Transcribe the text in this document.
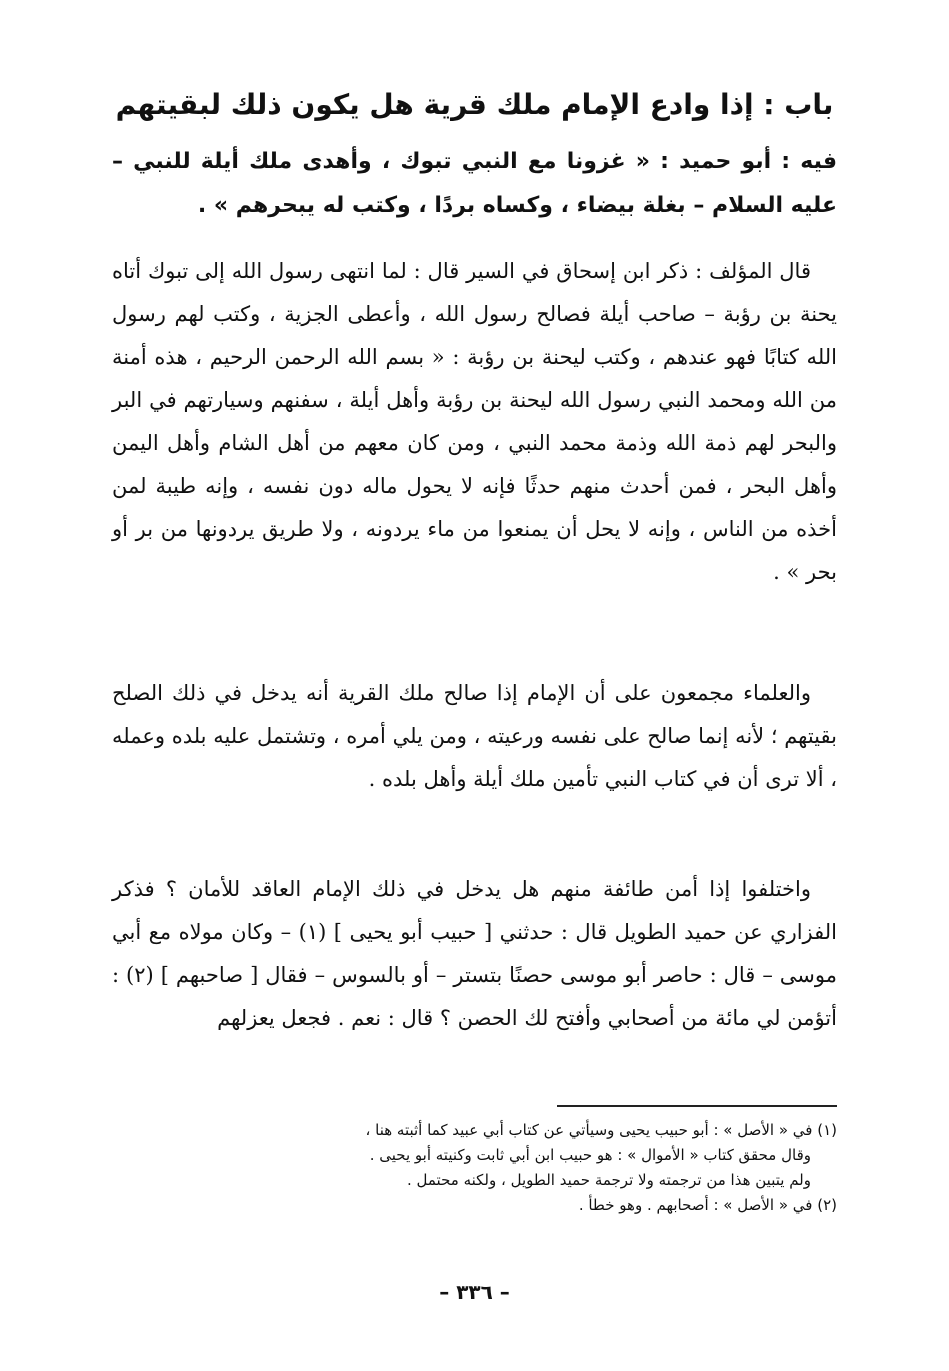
باب : إذا وادع الإمام ملك قرية هل يكون ذلك لبقيتهم
فيه : أبو حميد : « غزونا مع النبي تبوك ، وأهدى ملك أيلة للنبي – عليه السلام – بغلة بيضاء ، وكساه بردًا ، وكتب له يبحرهم » .

قال المؤلف : ذكر ابن إسحاق في السير قال : لما انتهى رسول الله إلى تبوك أتاه يحنة بن رؤبة – صاحب أيلة فصالح رسول الله ، وأعطى الجزية ، وكتب لهم رسول الله كتابًا فهو عندهم ، وكتب ليحنة بن رؤبة : « بسم الله الرحمن الرحيم ، هذه أمنة من الله ومحمد النبي رسول الله ليحنة بن رؤبة وأهل أيلة ، سفنهم وسيارتهم في البر والبحر لهم ذمة الله وذمة محمد النبي ، ومن كان معهم من أهل الشام وأهل اليمن وأهل البحر ، فمن أحدث منهم حدثًا فإنه لا يحول ماله دون نفسه ، وإنه طيبة لمن أخذه من الناس ، وإنه لا يحل أن يمنعوا من ماء يردونه ، ولا طريق يردونها من بر أو بحر » .

والعلماء مجمعون على أن الإمام إذا صالح ملك القرية أنه يدخل في ذلك الصلح بقيتهم ؛ لأنه إنما صالح على نفسه ورعيته ، ومن يلي أمره ، وتشتمل عليه بلده وعمله ، ألا ترى أن في كتاب النبي تأمين ملك أيلة وأهل بلده .

واختلفوا إذا أمن طائفة منهم هل يدخل في ذلك الإمام العاقد للأمان ؟ فذكر الفزاري عن حميد الطويل قال : حدثني [ حبيب أبو يحيى ] (١) – وكان مولاه مع أبي موسى – قال : حاصر أبو موسى حصنًا بتستر – أو بالسوس – فقال [ صاحبهم ] (٢) : أتؤمن لي مائة من أصحابي وأفتح لك الحصن ؟ قال : نعم . فجعل يعزلهم

(١) في « الأصل » : أبو حبيب يحيى وسيأتي عن كتاب أبي عبيد كما أثبته هنا ،
وقال محقق كتاب « الأموال » : هو حبيب ابن أبي ثابت وكنيته أبو يحيى .
ولم يتبين هذا من ترجمته ولا ترجمة حميد الطويل ، ولكنه محتمل .
(٢) في « الأصل » : أصحابهم . وهو خطأ .
– ٣٣٦ –
